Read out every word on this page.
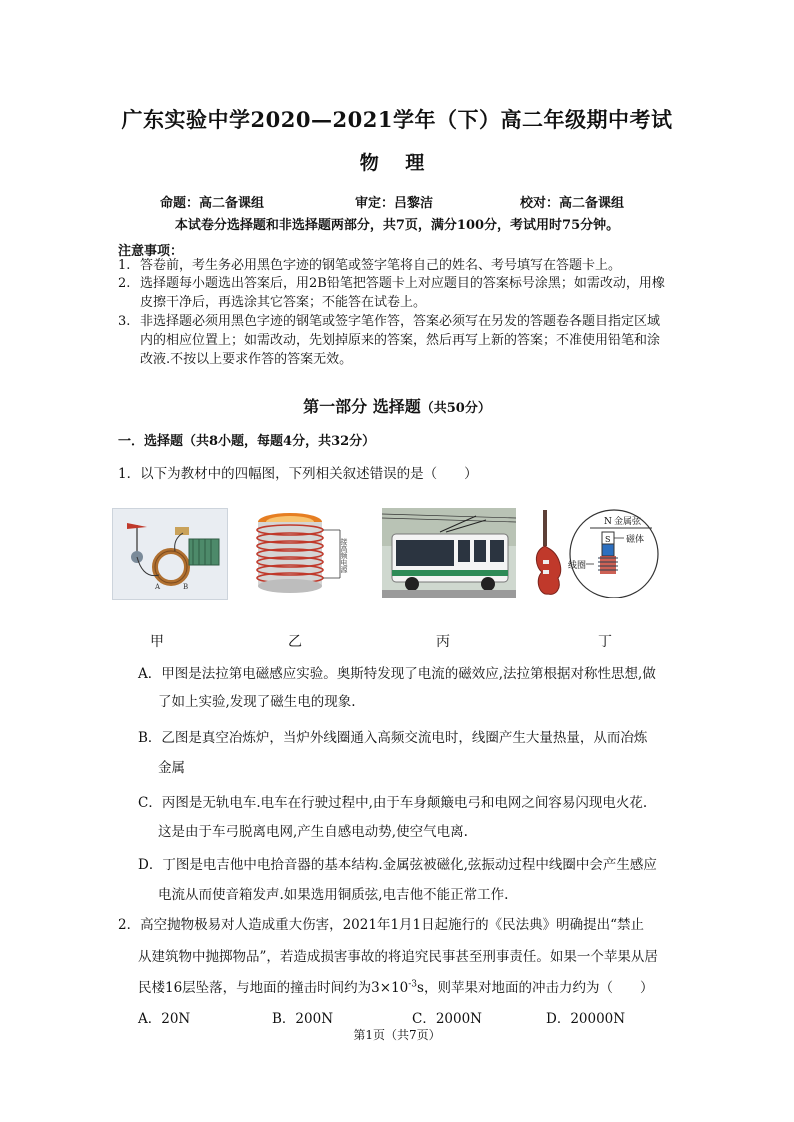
广东实验中学2020—2021学年（下）高二年级期中考试
物 理
命题：高二备课组	审定：吕黎洁	校对：高二备课组
本试卷分选择题和非选择题两部分，共7页，满分100分，考试用时75分钟。
注意事项：
1. 答卷前，考生务必用黑色字迹的钢笔或签字笔将自己的姓名、考号填写在答题卡上。
2. 选择题每小题选出答案后，用2B铅笔把答题卡上对应题目的答案标号涂黑；如需改动，用橡皮擦干净后，再选涂其它答案；不能答在试卷上。
3. 非选择题必须用黑色字迹的钢笔或签字笔作答，答案必须写在另发的答题卷各题目指定区域内的相应位置上；如需改动，先划掉原来的答案，然后再写上新的答案；不准使用铅笔和涂改液.不按以上要求作答的答案无效。
第一部分 选择题（共50分）
一．选择题（共8小题，每题4分，共32分）
1．以下为教材中的四幅图，下列相关叙述错误的是（　　）
A	B
接高频电源
N 金属弦
S 磁体
线圈
甲	乙	丙	丁
A．甲图是法拉第电磁感应实验。奥斯特发现了电流的磁效应,法拉第根据对称性思想,做
了如上实验,发现了磁生电的现象.
B．乙图是真空冶炼炉，当炉外线圈通入高频交流电时，线圈产生大量热量，从而冶炼
金属
C．丙图是无轨电车.电车在行驶过程中,由于车身颠簸电弓和电网之间容易闪现电火花.
这是由于车弓脱离电网,产生自感电动势,使空气电离.
D．丁图是电吉他中电拾音器的基本结构.金属弦被磁化,弦振动过程中线圈中会产生感应
电流从而使音箱发声.如果选用铜质弦,电吉他不能正常工作.
2．高空抛物极易对人造成重大伤害，2021年1月1日起施行的《民法典》明确提出“禁止
从建筑物中抛掷物品”，若造成损害事故的将追究民事甚至刑事责任。如果一个苹果从居
民楼16层坠落，与地面的撞击时间约为$3\times 10^{-3}s$，则苹果对地面的冲击力约为（　　）
A．20N	B．200N	C．2000N	D．20000N
第1页（共7页）
